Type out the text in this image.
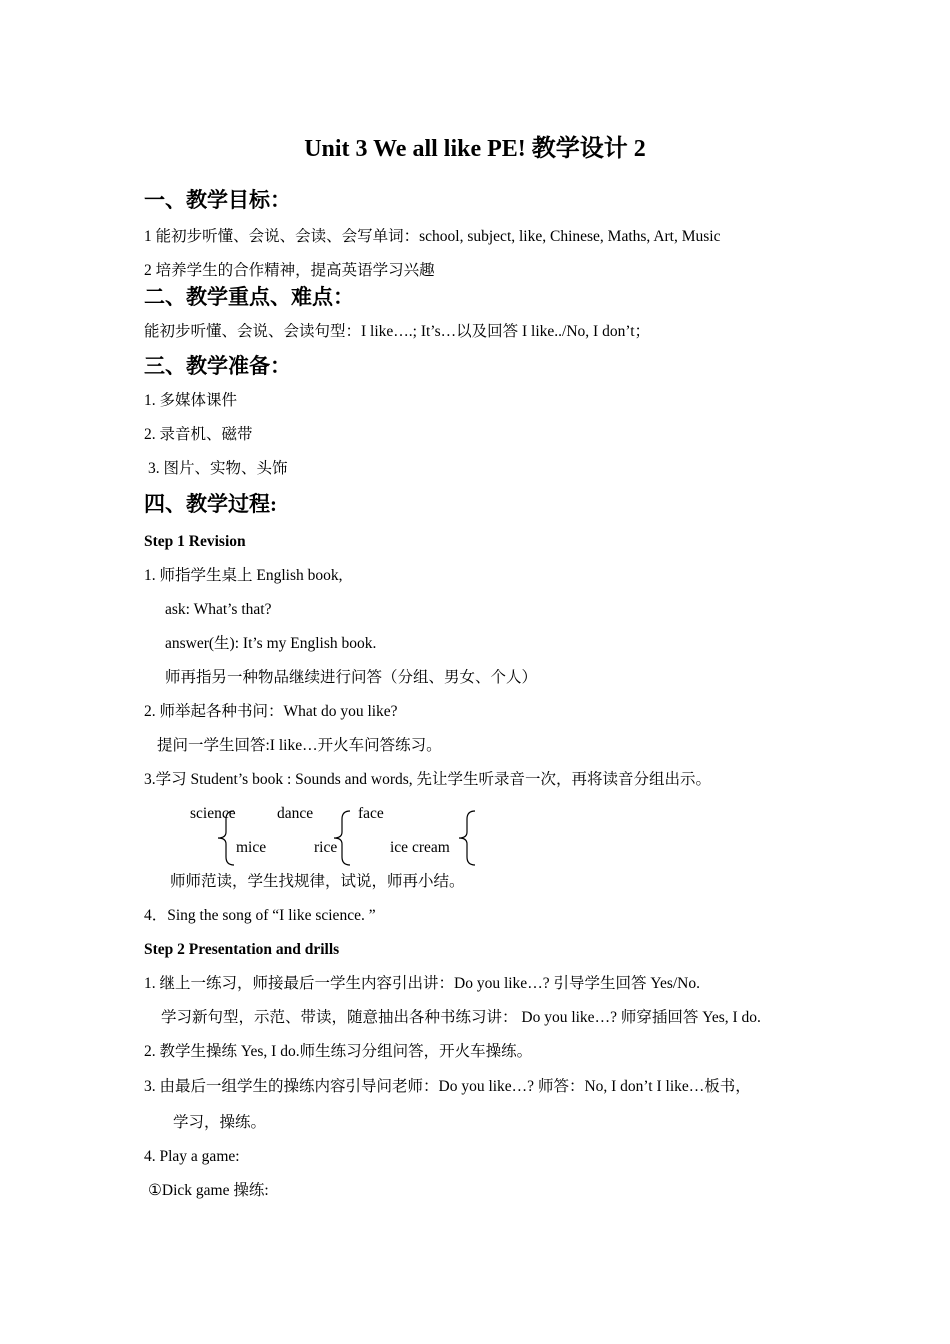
Unit 3 We all like PE! 教学设计 2
一、教学目标：
1 能初步听懂、会说、会读、会写单词：school, subject, like, Chinese, Maths, Art, Music
2 培养学生的合作精神，提高英语学习兴趣
二、教学重点、难点：
能初步听懂、会说、会读句型：I like….; It’s…以及回答 I like../No, I don’t；
三、教学准备：
1. 多媒体课件
2. 录音机、磁带
3. 图片、实物、头饰
四、教学过程:
Step 1 Revision
1. 师指学生桌上 English book,
ask: What’s that?
answer(生): It’s my English book.
师再指另一种物品继续进行问答（分组、男女、个人）
2. 师举起各种书问：What do you like?
提问一学生回答:I like…开火车问答练习。
3.学习 Student’s book : Sounds and words, 先让学生听录音一次，再将读音分组出示。
science	dance	face
mice	rice	ice cream
师师范读，学生找规律，试说，师再小结。
4．Sing the song of “I like science. ”
Step 2 Presentation and drills
1. 继上一练习，师接最后一学生内容引出讲：Do you like…? 引导学生回答 Yes/No.
学习新句型，示范、带读，随意抽出各种书练习讲： Do you like…? 师穿插回答 Yes, I do.
2. 教学生操练 Yes, I do.师生练习分组问答，开火车操练。
3. 由最后一组学生的操练内容引导问老师：Do you like…? 师答：No, I don’t I like…板书，
学习，操练。
4. Play a game:
①Dick game 操练:
